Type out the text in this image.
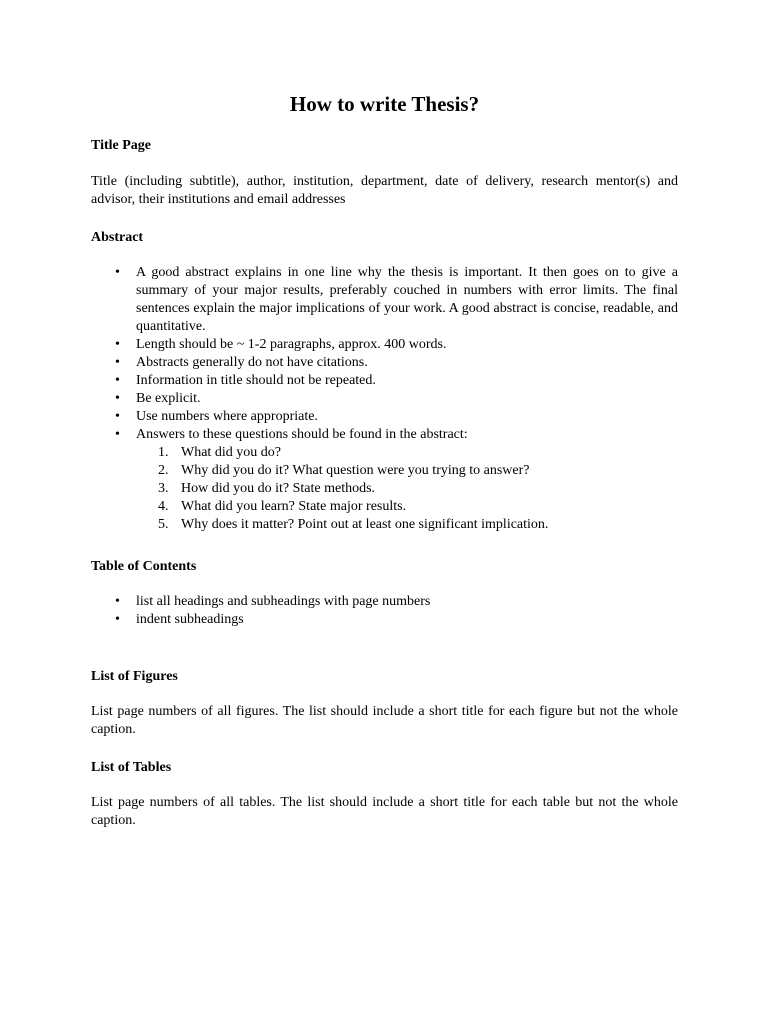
How to write Thesis?
Title Page
Title (including subtitle), author, institution, department, date of delivery, research mentor(s) and advisor, their institutions and email addresses
Abstract
• A good abstract explains in one line why the thesis is important. It then goes on to give a summary of your major results, preferably couched in numbers with error limits. The final sentences explain the major implications of your work. A good abstract is concise, readable, and quantitative.
• Length should be ~ 1-2 paragraphs, approx. 400 words.
• Abstracts generally do not have citations.
• Information in title should not be repeated.
• Be explicit.
• Use numbers where appropriate.
• Answers to these questions should be found in the abstract:
1. What did you do?
2. Why did you do it? What question were you trying to answer?
3. How did you do it? State methods.
4. What did you learn? State major results.
5. Why does it matter? Point out at least one significant implication.
Table of Contents
• list all headings and subheadings with page numbers
• indent subheadings
List of Figures
List page numbers of all figures. The list should include a short title for each figure but not the whole caption.
List of Tables
List page numbers of all tables. The list should include a short title for each table but not the whole caption.
